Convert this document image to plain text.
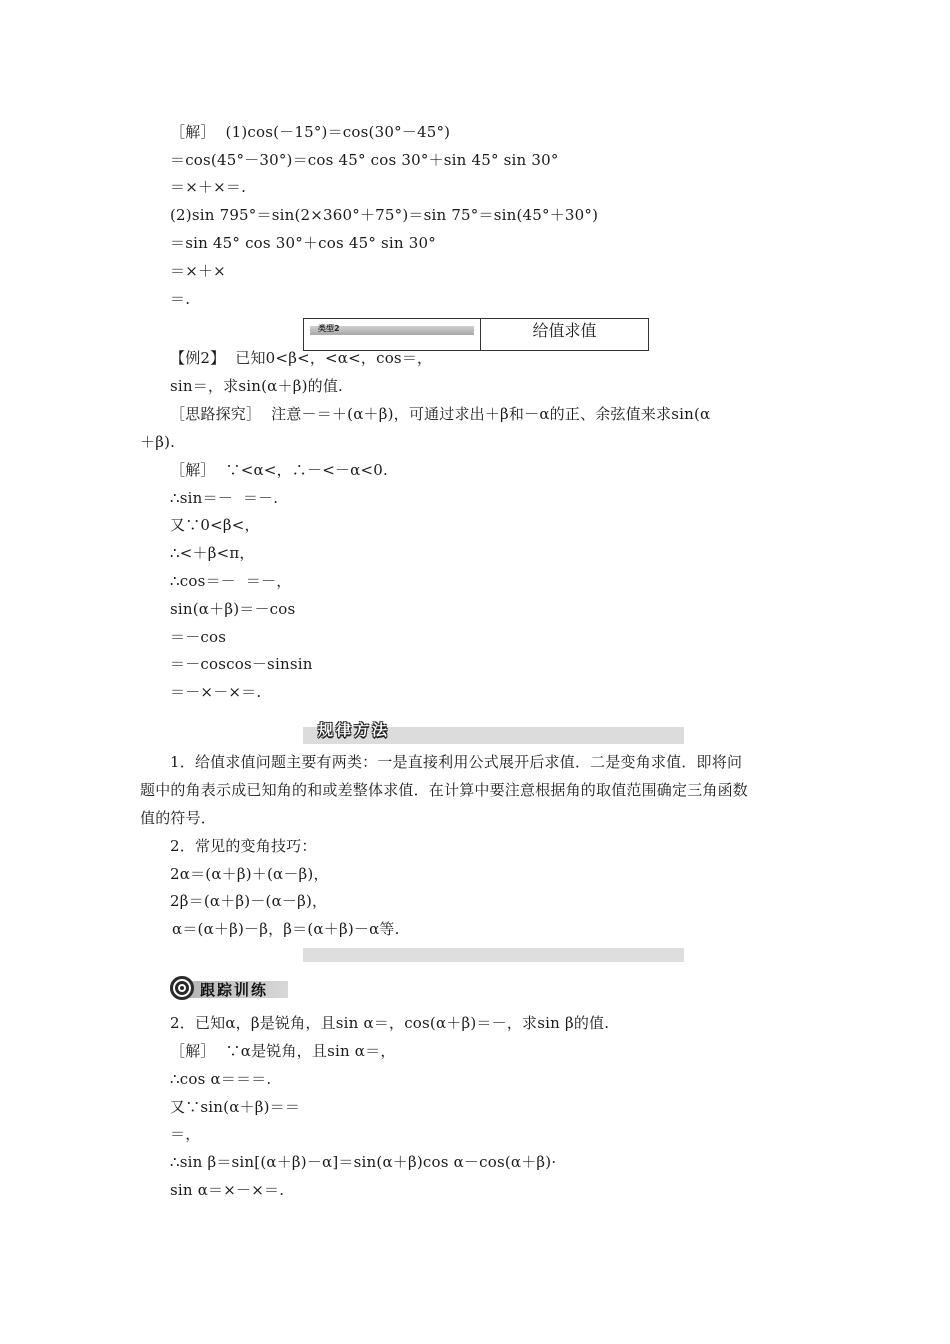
［解］  (1)cos(－15°)＝cos(30°－45°)
＝cos(45°－30°)＝cos 45° cos 30°＋sin 45° sin 30°
＝×＋×＝.
(2)sin 795°＝sin(2×360°＋75°)＝sin 75°＝sin(45°＋30°)
＝sin 45° cos 30°＋cos 45° sin 30°
＝×＋×
＝.
类型2	给值求值
【例2】  已知0<β<，<α<，cos＝，
sin＝，求sin(α＋β)的值.
［思路探究］  注意－＝＋(α＋β)，可通过求出＋β和－α的正、余弦值来求sin(α
＋β).
［解］  ∵<α<，∴－<－α<0.
∴sin＝－  ＝－.
又∵0<β<，
∴<＋β<π，
∴cos＝－  ＝－，
sin(α＋β)＝－cos
＝－cos
＝－coscos－sinsin
＝－×－×＝.
规律方法
1．给值求值问题主要有两类：一是直接利用公式展开后求值．二是变角求值．即将问
题中的角表示成已知角的和或差整体求值．在计算中要注意根据角的取值范围确定三角函数
值的符号．
2．常见的变角技巧：
2α＝(α＋β)＋(α－β)，
2β＝(α＋β)－(α－β)，
α＝(α＋β)－β，β＝(α＋β)－α等.
跟踪训练
2．已知α，β是锐角，且sin α＝，cos(α＋β)＝－，求sin β的值.
［解］  ∵α是锐角，且sin α＝，
∴cos α＝＝＝.
又∵sin(α＋β)＝＝
＝，
∴sin β＝sin[(α＋β)－α]＝sin(α＋β)cos α－cos(α＋β)·
sin α＝×－×＝.
